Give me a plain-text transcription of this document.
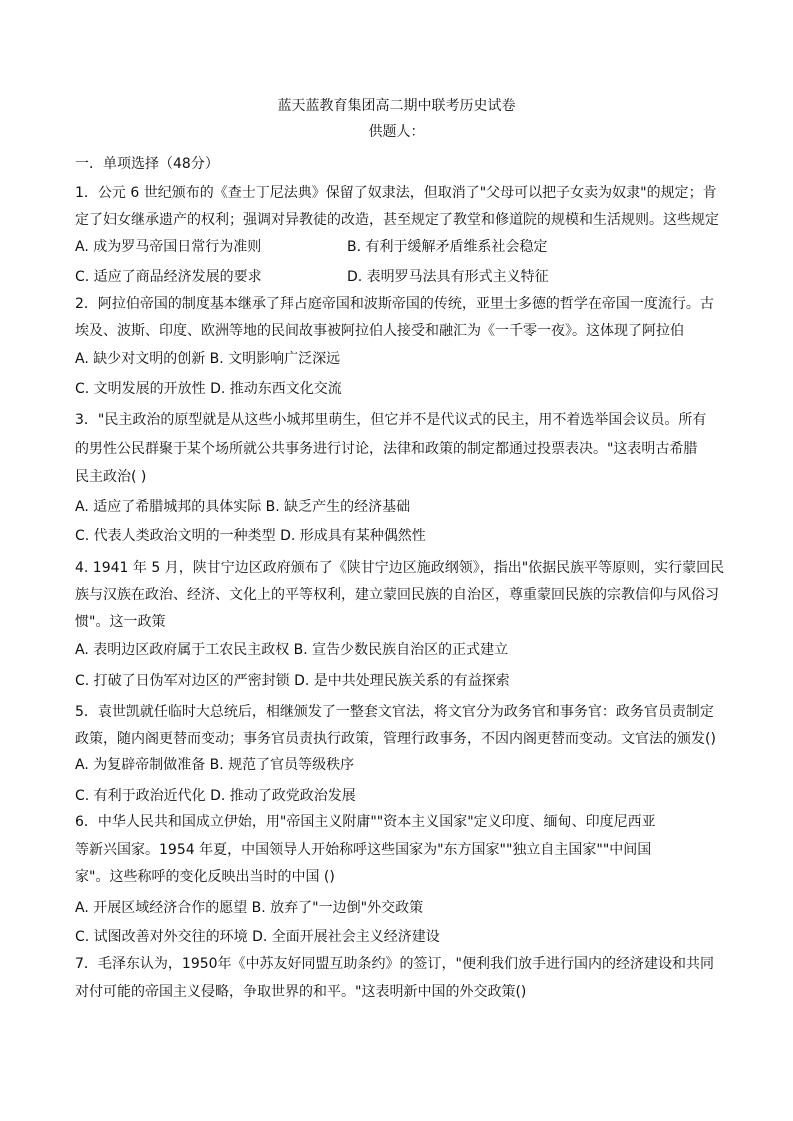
蓝天蓝教育集团高二期中联考历史试卷
供题人：
一．单项选择（48分）
1．公元 6 世纪颁布的《查士丁尼法典》保留了奴隶法，但取消了"父母可以把子女卖为奴隶"的规定；肯
定了妇女继承遗产的权利；强调对异教徒的改造，甚至规定了教堂和修道院的规模和生活规则。这些规定
A. 成为罗马帝国日常行为准则	B. 有利于缓解矛盾维系社会稳定
C. 适应了商品经济发展的要求	D. 表明罗马法具有形式主义特征
2．阿拉伯帝国的制度基本继承了拜占庭帝国和波斯帝国的传统，亚里士多德的哲学在帝国一度流行。古
埃及、波斯、印度、欧洲等地的民间故事被阿拉伯人接受和融汇为《一千零一夜》。这体现了阿拉伯
A. 缺少对文明的创新 B. 文明影响广泛深远
C. 文明发展的开放性 D. 推动东西文化交流
3．"民主政治的原型就是从这些小城邦里萌生，但它并不是代议式的民主，用不着选举国会议员。所有
的男性公民群聚于某个场所就公共事务进行讨论，法律和政策的制定都通过投票表决。"这表明古希腊
民主政治( )
A. 适应了希腊城邦的具体实际 B. 缺乏产生的经济基础
C. 代表人类政治文明的一种类型 D. 形成具有某种偶然性
4. 1941 年 5 月，陕甘宁边区政府颁布了《陕甘宁边区施政纲领》，指出"依据民族平等原则，实行蒙回民
族与汉族在政治、经济、文化上的平等权利，建立蒙回民族的自治区，尊重蒙回民族的宗教信仰与风俗习
惯"。这一政策
A. 表明边区政府属于工农民主政权 B. 宣告少数民族自治区的正式建立
C. 打破了日伪军对边区的严密封锁 D. 是中共处理民族关系的有益探索
5．袁世凯就任临时大总统后，相继颁发了一整套文官法，将文官分为政务官和事务官：政务官员责制定
政策，随内阁更替而变动；事务官员责执行政策，管理行政事务，不因内阁更替而变动。文官法的颁发()
A. 为复辟帝制做准备 B. 规范了官员等级秩序
C. 有利于政治近代化 D. 推动了政党政治发展
6．中华人民共和国成立伊始，用"帝国主义附庸""资本主义国家"定义印度、缅甸、印度尼西亚
等新兴国家。1954 年夏，中国领导人开始称呼这些国家为"东方国家""独立自主国家""中间国
家"。这些称呼的变化反映出当时的中国 ()
A. 开展区域经济合作的愿望 B. 放弃了"一边倒"外交政策
C. 试图改善对外交往的环境 D. 全面开展社会主义经济建设
7．毛泽东认为，1950年《中苏友好同盟互助条约》的签订，"便利我们放手进行国内的经济建设和共同
对付可能的帝国主义侵略，争取世界的和平。"这表明新中国的外交政策()
